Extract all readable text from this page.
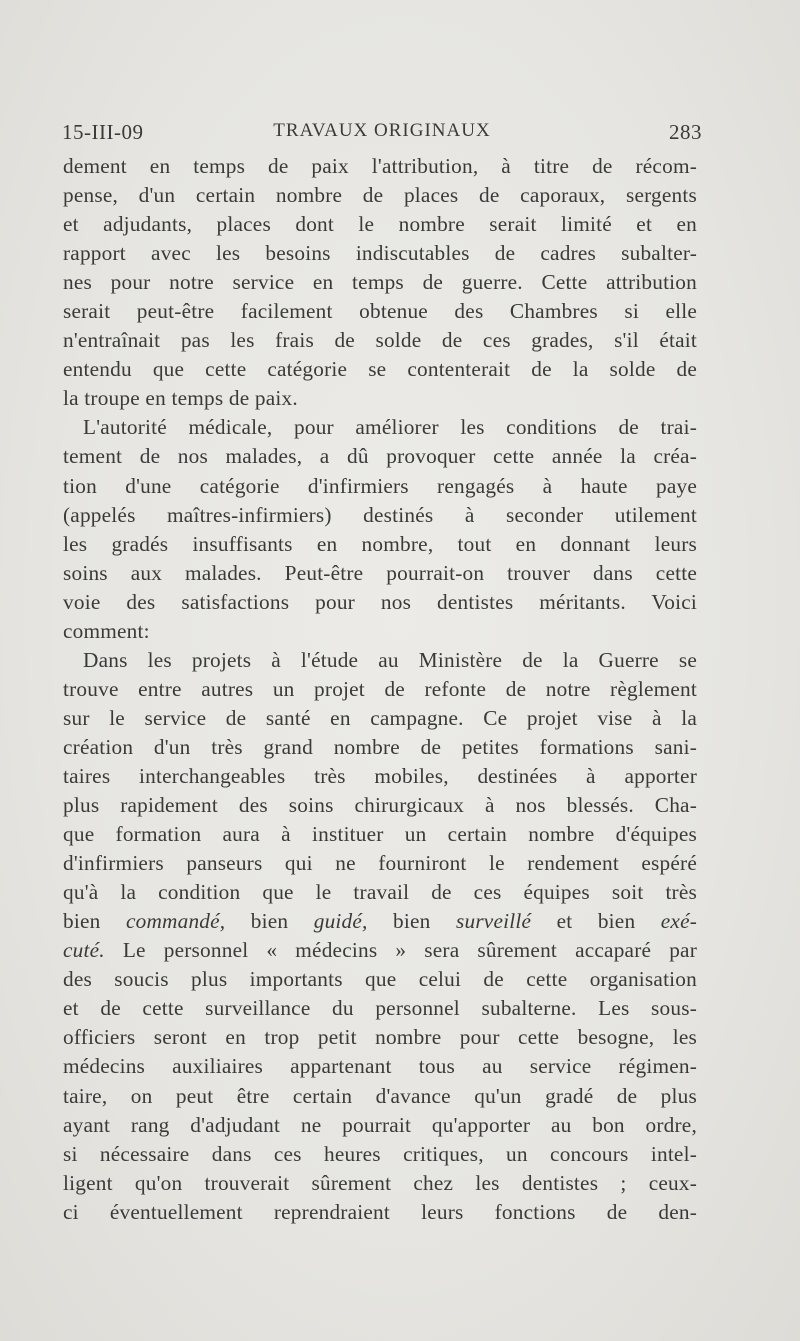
15-III-09	TRAVAUX ORIGINAUX	283
dement en temps de paix l'attribution, à titre de récom-
pense, d'un certain nombre de places de caporaux, sergents
et adjudants, places dont le nombre serait limité et en
rapport avec les besoins indiscutables de cadres subalter-
nes pour notre service en temps de guerre. Cette attribution
serait peut-être facilement obtenue des Chambres si elle
n'entraînait pas les frais de solde de ces grades, s'il était
entendu que cette catégorie se contenterait de la solde de
la troupe en temps de paix.
L'autorité médicale, pour améliorer les conditions de trai-
tement de nos malades, a dû provoquer cette année la créa-
tion d'une catégorie d'infirmiers rengagés à haute paye
(appelés maîtres-infirmiers) destinés à seconder utilement
les gradés insuffisants en nombre, tout en donnant leurs
soins aux malades. Peut-être pourrait-on trouver dans cette
voie des satisfactions pour nos dentistes méritants. Voici
comment:
Dans les projets à l'étude au Ministère de la Guerre se
trouve entre autres un projet de refonte de notre règlement
sur le service de santé en campagne. Ce projet vise à la
création d'un très grand nombre de petites formations sani-
taires interchangeables très mobiles, destinées à apporter
plus rapidement des soins chirurgicaux à nos blessés. Cha-
que formation aura à instituer un certain nombre d'équipes
d'infirmiers panseurs qui ne fourniront le rendement espéré
qu'à la condition que le travail de ces équipes soit très
bien commandé, bien guidé, bien surveillé et bien exé-
cuté. Le personnel « médecins » sera sûrement accaparé par
des soucis plus importants que celui de cette organisation
et de cette surveillance du personnel subalterne. Les sous-
officiers seront en trop petit nombre pour cette besogne, les
médecins auxiliaires appartenant tous au service régimen-
taire, on peut être certain d'avance qu'un gradé de plus
ayant rang d'adjudant ne pourrait qu'apporter au bon ordre,
si nécessaire dans ces heures critiques, un concours intel-
ligent qu'on trouverait sûrement chez les dentistes ; ceux-
ci éventuellement reprendraient leurs fonctions de den-
